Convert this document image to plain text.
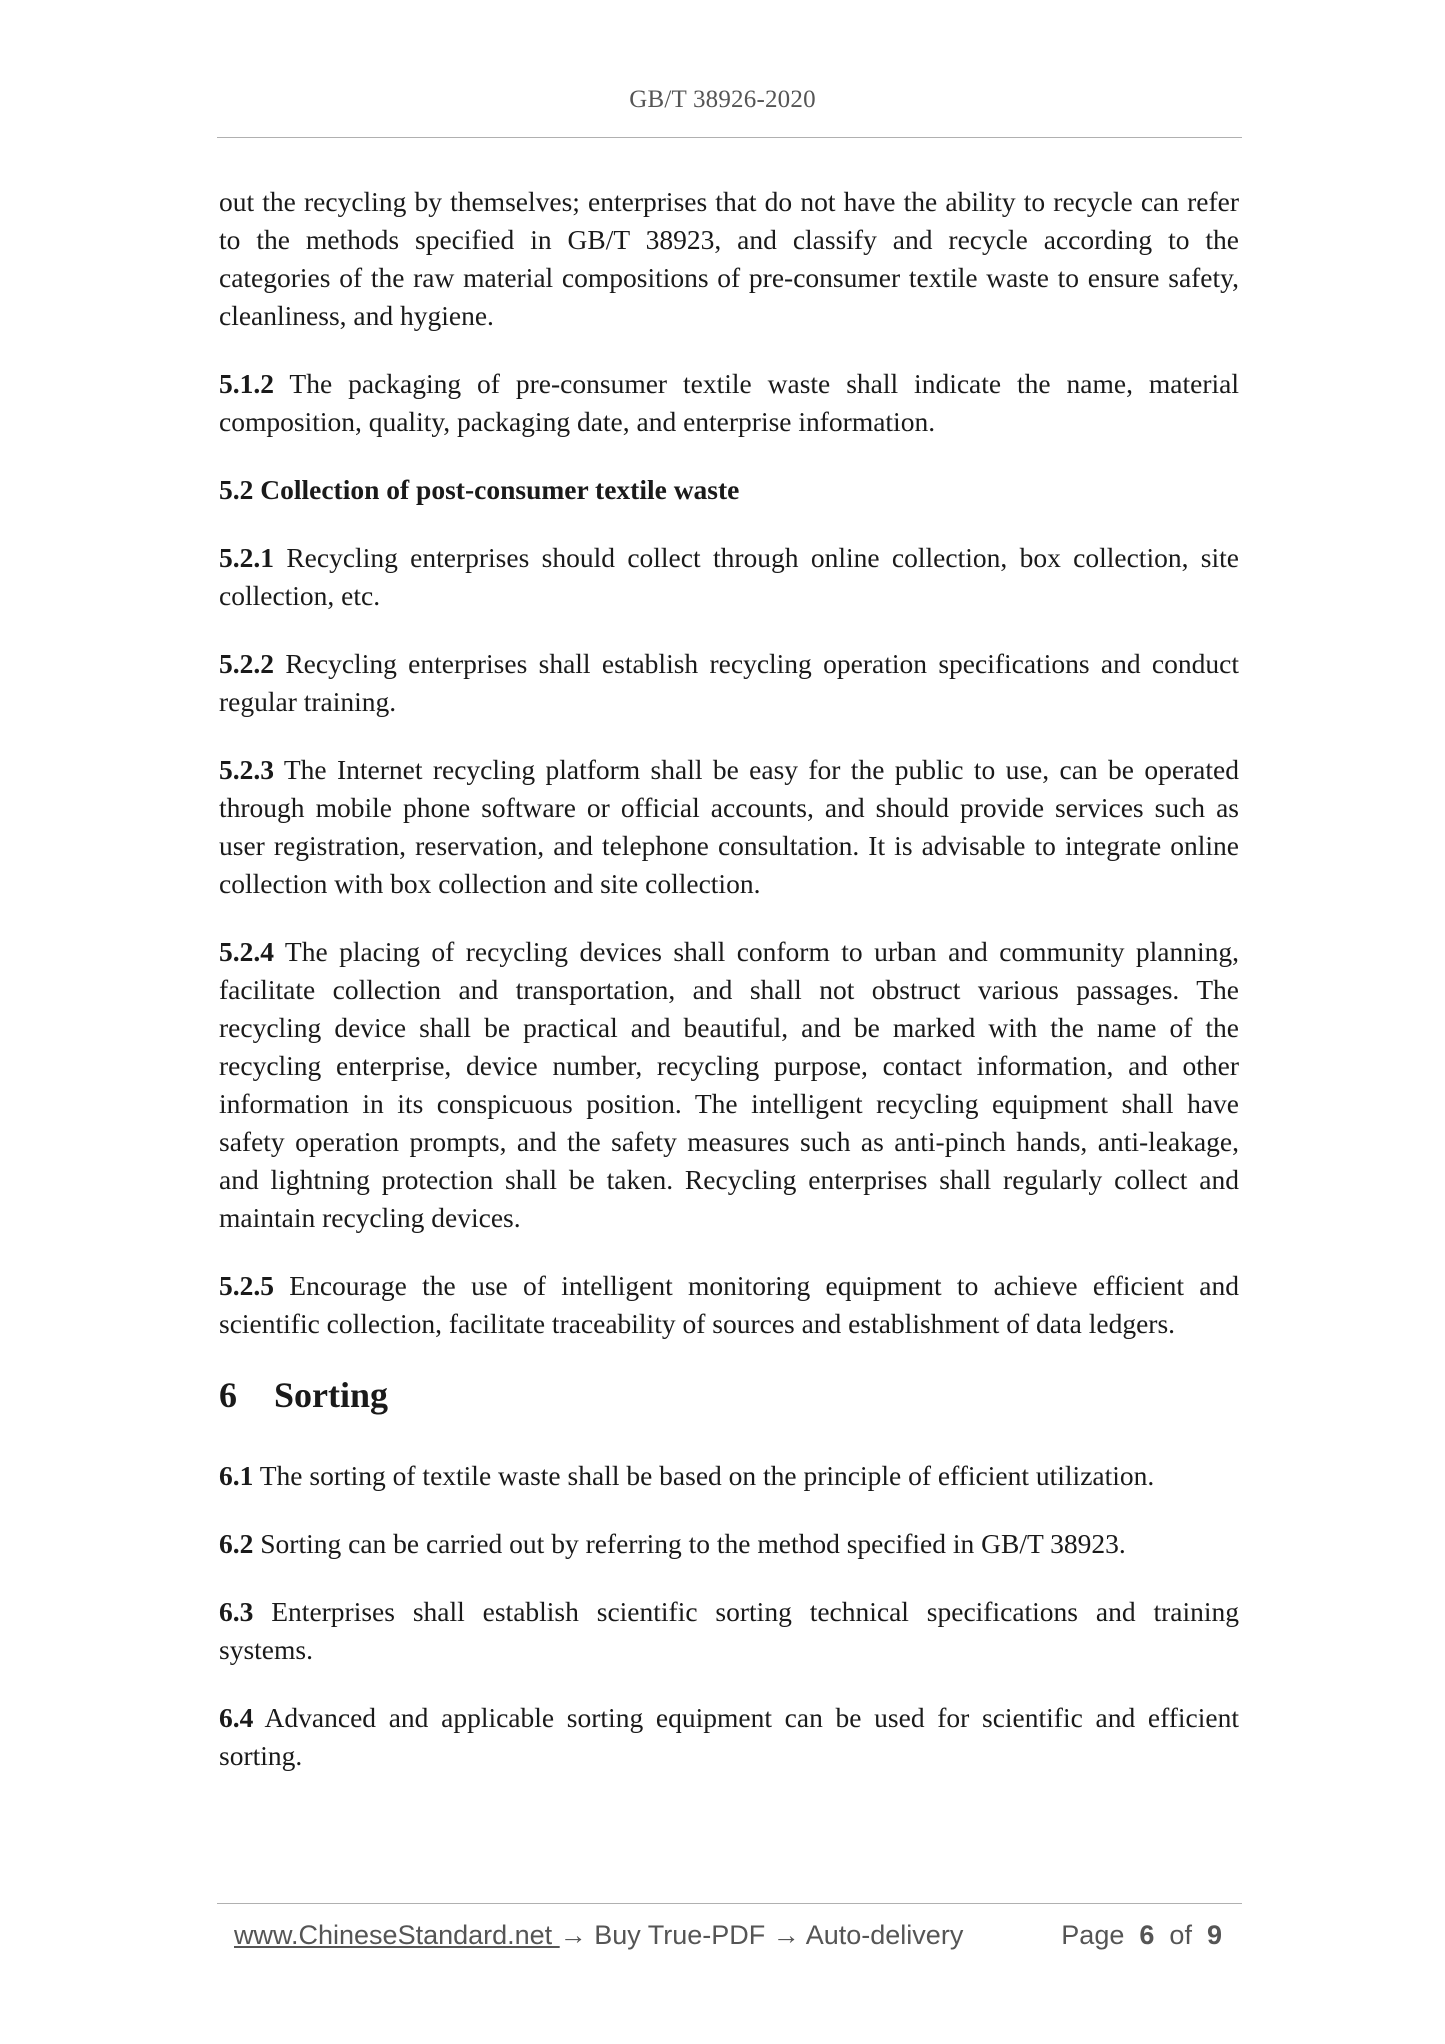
GB/T 38926-2020

out the recycling by themselves; enterprises that do not have the ability to recycle can refer to the methods specified in GB/T 38923, and classify and recycle according to the categories of the raw material compositions of pre-consumer textile waste to ensure safety, cleanliness, and hygiene.

5.1.2 The packaging of pre-consumer textile waste shall indicate the name, material composition, quality, packaging date, and enterprise information.

5.2 Collection of post-consumer textile waste

5.2.1 Recycling enterprises should collect through online collection, box collection, site collection, etc.

5.2.2 Recycling enterprises shall establish recycling operation specifications and conduct regular training.

5.2.3 The Internet recycling platform shall be easy for the public to use, can be operated through mobile phone software or official accounts, and should provide services such as user registration, reservation, and telephone consultation. It is advisable to integrate online collection with box collection and site collection.

5.2.4 The placing of recycling devices shall conform to urban and community planning, facilitate collection and transportation, and shall not obstruct various passages. The recycling device shall be practical and beautiful, and be marked with the name of the recycling enterprise, device number, recycling purpose, contact information, and other information in its conspicuous position. The intelligent recycling equipment shall have safety operation prompts, and the safety measures such as anti-pinch hands, anti-leakage, and lightning protection shall be taken. Recycling enterprises shall regularly collect and maintain recycling devices.

5.2.5 Encourage the use of intelligent monitoring equipment to achieve efficient and scientific collection, facilitate traceability of sources and establishment of data ledgers.

6 Sorting

6.1 The sorting of textile waste shall be based on the principle of efficient utilization.

6.2 Sorting can be carried out by referring to the method specified in GB/T 38923.

6.3 Enterprises shall establish scientific sorting technical specifications and training systems.

6.4 Advanced and applicable sorting equipment can be used for scientific and efficient sorting.

www.ChineseStandard.net → Buy True-PDF → Auto-delivery	Page 6 of 9
